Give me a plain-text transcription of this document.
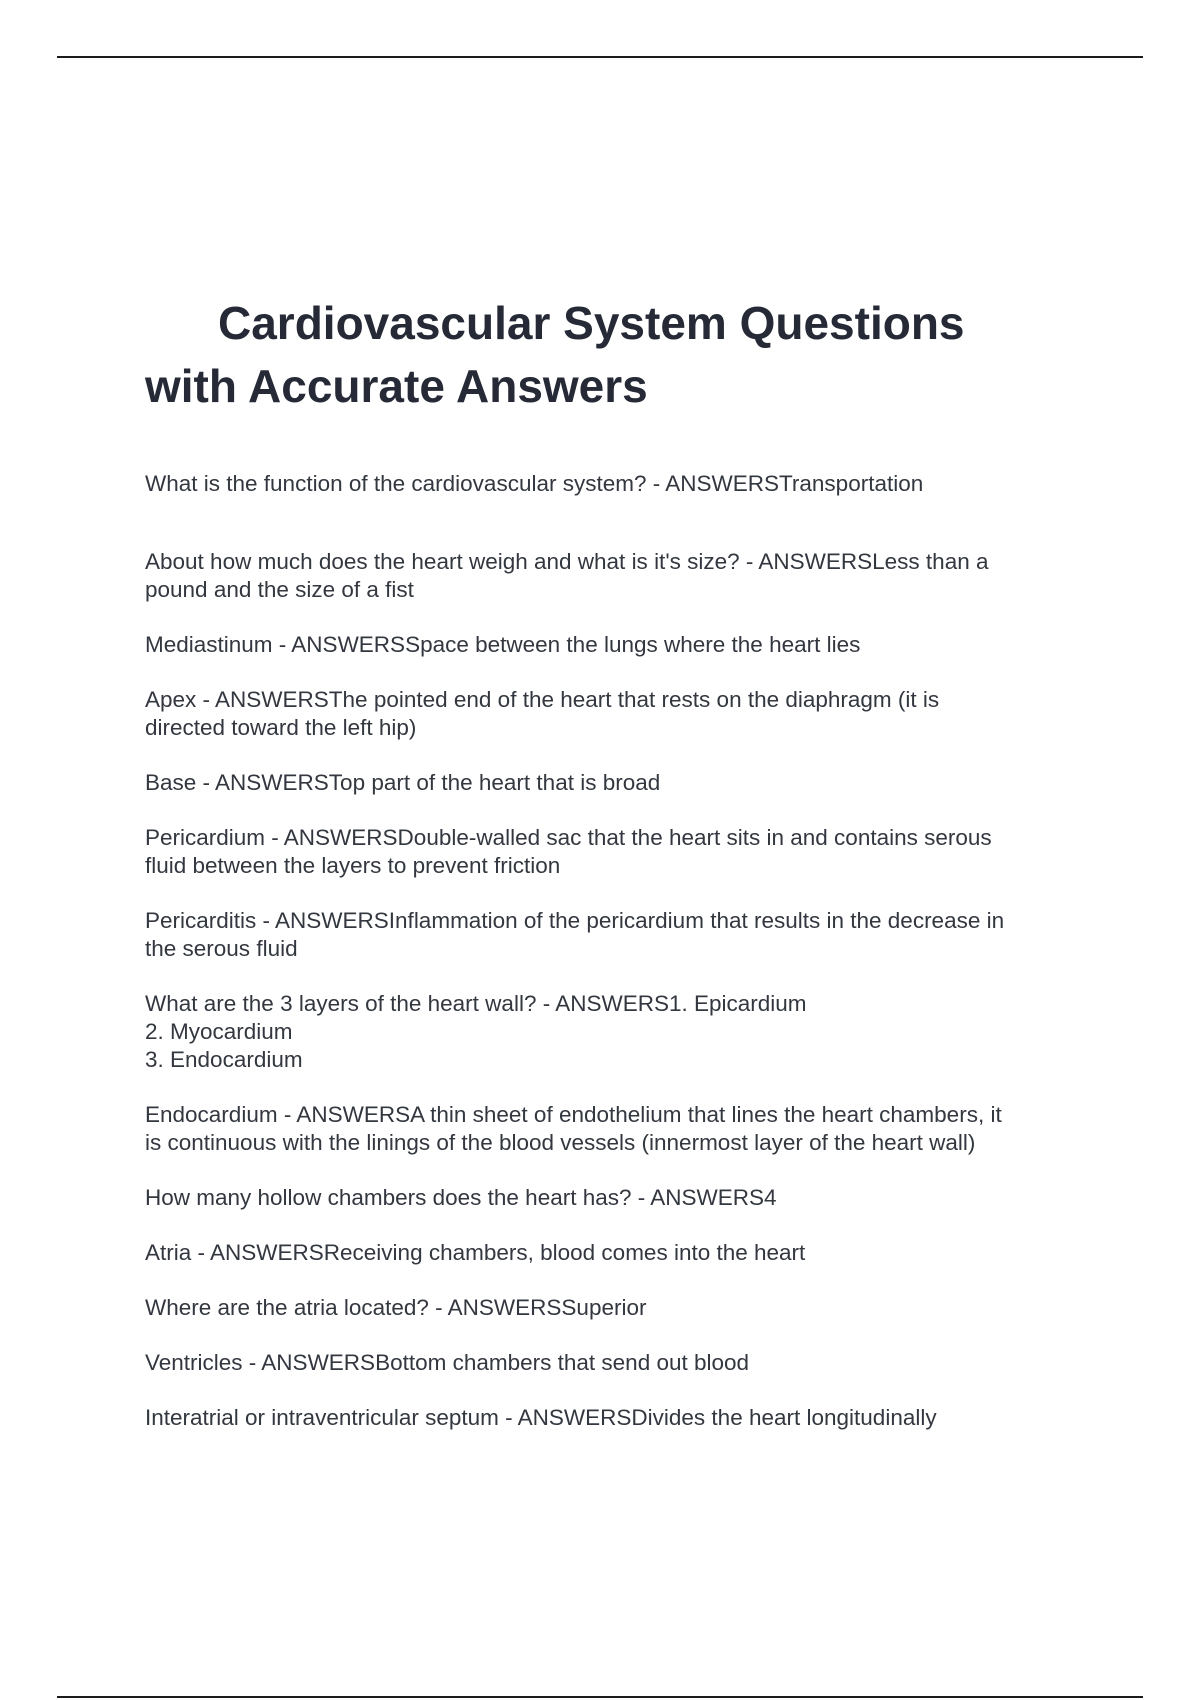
Cardiovascular System Questions
with Accurate Answers
What is the function of the cardiovascular system? - ANSWERSTransportation
About how much does the heart weigh and what is it's size? - ANSWERSLess than a
pound and the size of a fist
Mediastinum - ANSWERSSpace between the lungs where the heart lies
Apex - ANSWERSThe pointed end of the heart that rests on the diaphragm (it is
directed toward the left hip)
Base - ANSWERSTop part of the heart that is broad
Pericardium - ANSWERSDouble-walled sac that the heart sits in and contains serous
fluid between the layers to prevent friction
Pericarditis - ANSWERSInflammation of the pericardium that results in the decrease in
the serous fluid
What are the 3 layers of the heart wall? - ANSWERS1. Epicardium
2. Myocardium
3. Endocardium
Endocardium - ANSWERSA thin sheet of endothelium that lines the heart chambers, it
is continuous with the linings of the blood vessels (innermost layer of the heart wall)
How many hollow chambers does the heart has? - ANSWERS4
Atria - ANSWERSReceiving chambers, blood comes into the heart
Where are the atria located? - ANSWERSSuperior
Ventricles - ANSWERSBottom chambers that send out blood
Interatrial or intraventricular septum - ANSWERSDivides the heart longitudinally
